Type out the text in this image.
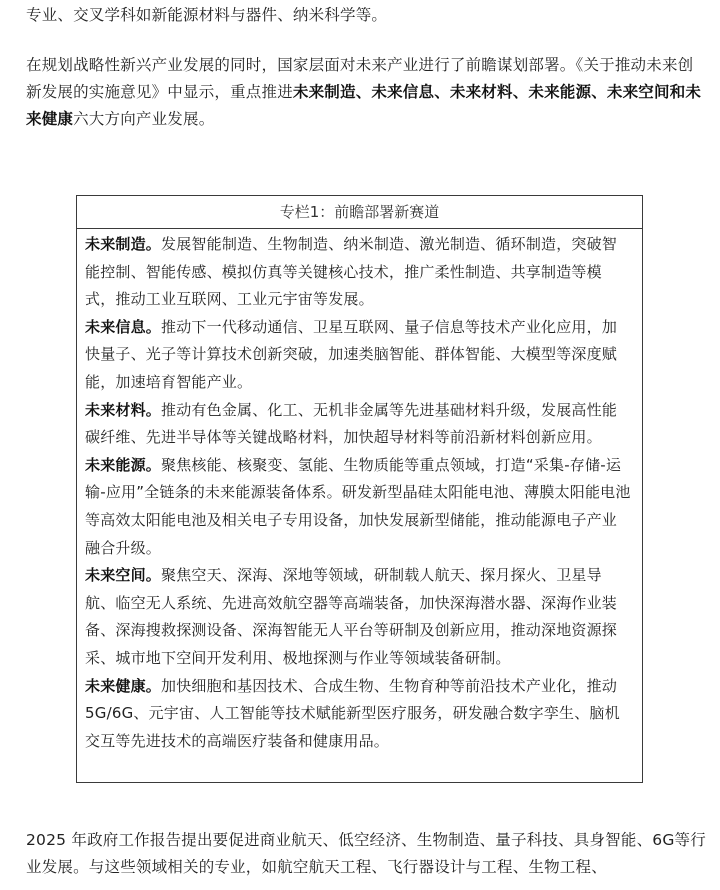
专业、交叉学科如新能源材料与器件、纳米科学等。

在规划战略性新兴产业发展的同时，国家层面对未来产业进行了前瞻谋划部署。《关于推动未来创新发展的实施意见》中显示，重点推进未来制造、未来信息、未来材料、未来能源、未来空间和未来健康六大方向产业发展。

专栏1：前瞻部署新赛道

未来制造。发展智能制造、生物制造、纳米制造、激光制造、循环制造，突破智能控制、智能传感、模拟仿真等关键核心技术，推广柔性制造、共享制造等模式，推动工业互联网、工业元宇宙等发展。

未来信息。推动下一代移动通信、卫星互联网、量子信息等技术产业化应用，加快量子、光子等计算技术创新突破，加速类脑智能、群体智能、大模型等深度赋能，加速培育智能产业。

未来材料。推动有色金属、化工、无机非金属等先进基础材料升级，发展高性能碳纤维、先进半导体等关键战略材料，加快超导材料等前沿新材料创新应用。

未来能源。聚焦核能、核聚变、氢能、生物质能等重点领域，打造“采集-存储-运输-应用”全链条的未来能源装备体系。研发新型晶硅太阳能电池、薄膜太阳能电池等高效太阳能电池及相关电子专用设备，加快发展新型储能，推动能源电子产业融合升级。

未来空间。聚焦空天、深海、深地等领域，研制载人航天、探月探火、卫星导航、临空无人系统、先进高效航空器等高端装备，加快深海潜水器、深海作业装备、深海搜救探测设备、深海智能无人平台等研制及创新应用，推动深地资源探采、城市地下空间开发利用、极地探测与作业等领域装备研制。

未来健康。加快细胞和基因技术、合成生物、生物育种等前沿技术产业化，推动5G/6G、元宇宙、人工智能等技术赋能新型医疗服务，研发融合数字孪生、脑机交互等先进技术的高端医疗装备和健康用品。

2025 年政府工作报告提出要促进商业航天、低空经济、生物制造、量子科技、具身智能、6G等行业发展。与这些领域相关的专业，如航空航天工程、飞行器设计与工程、生物工程、
